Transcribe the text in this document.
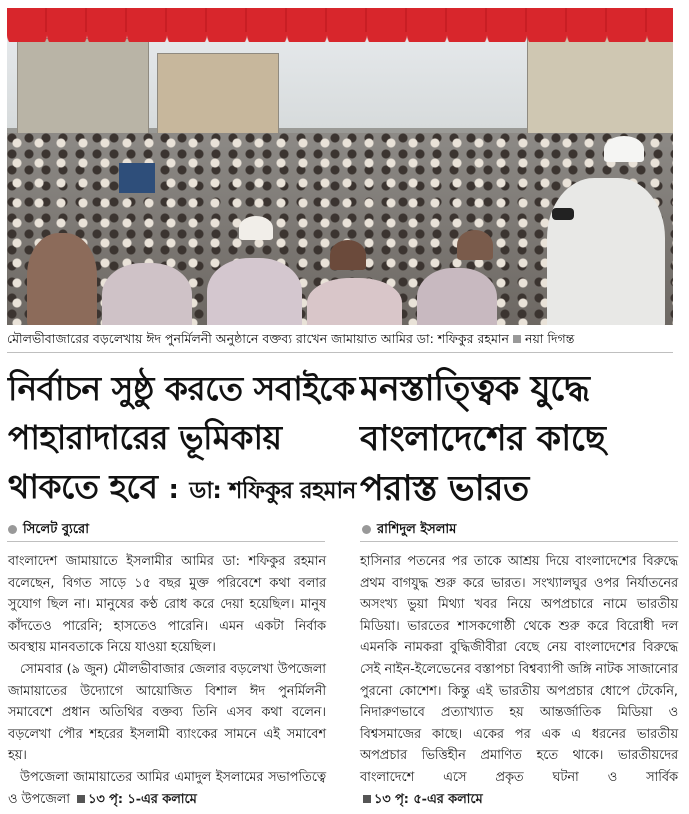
মৌলভীবাজারের বড়লেখায় ঈদ পুনর্মিলনী অনুষ্ঠানে বক্তব্য রাখেন জামায়াত আমির ডা: শফিকুর রহমান নয়া দিগন্ত
নির্বাচন সুষ্ঠু করতে সবাইকে
পাহারাদারের ভূমিকায়
থাকতে হবে : ডা: শফিকুর রহমান
মনস্তাত্ত্বিক যুদ্ধে
বাংলাদেশের কাছে
পরাস্ত ভারত
সিলেট ব্যুরো	রাশিদুল ইসলাম

বাংলাদেশ জামায়াতে ইসলামীর আমির ডা: শফিকুর রহমান বলেছেন, বিগত সাড়ে ১৫ বছর মুক্ত পরিবেশে কথা বলার সুযোগ ছিল না। মানুষের কণ্ঠ রোধ করে দেয়া হয়েছিল। মানুষ কাঁদতেও পারেনি; হাসতেও পারেনি। এমন একটা নির্বাক অবস্থায় মানবতাকে নিয়ে যাওয়া হয়েছিল।

সোমবার (৯ জুন) মৌলভীবাজার জেলার বড়লেখা উপজেলা জামায়াতের উদ্যোগে আয়োজিত বিশাল ঈদ পুনর্মিলনী সমাবেশে প্রধান অতিথির বক্তব্য তিনি এসব কথা বলেন। বড়লেখা পৌর শহরের ইসলামী ব্যাংকের সামনে এই সমাবেশ হয়।

উপজেলা জামায়াতের আমির এমাদুল ইসলামের সভাপতিত্বে ও উপজেলা ১৩ পৃ: ১-এর কলামে

হাসিনার পতনের পর তাকে আশ্রয় দিয়ে বাংলাদেশের বিরুদ্ধে প্রথম বাগযুদ্ধ শুরু করে ভারত। সংখ্যালঘুর ওপর নির্যাতনের অসংখ্য ভুয়া মিথ্যা খবর নিয়ে অপপ্রচারে নামে ভারতীয় মিডিয়া। ভারতের শাসকগোষ্ঠী থেকে শুরু করে বিরোধী দল এমনকি নামকরা বুদ্ধিজীবীরা বেছে নেয় বাংলাদেশের বিরুদ্ধে সেই নাইন-ইলেভেনের বস্তাপচা বিশ্বব্যাপী জঙ্গি নাটক সাজানোর পুরনো কোশেশ। কিন্তু এই ভারতীয় অপপ্রচার ধোপে টেকেনি, নিদারুণভাবে প্রত্যাখ্যাত হয় আন্তর্জাতিক মিডিয়া ও বিশ্বসমাজের কাছে। একের পর এক এ ধরনের ভারতীয় অপপ্রচার ভিত্তিহীন প্রমাণিত হতে থাকে। ভারতীয়দের বাংলাদেশে এসে প্রকৃত ঘটনা ও সার্বিক ১৩ পৃ: ৫-এর কলামে
